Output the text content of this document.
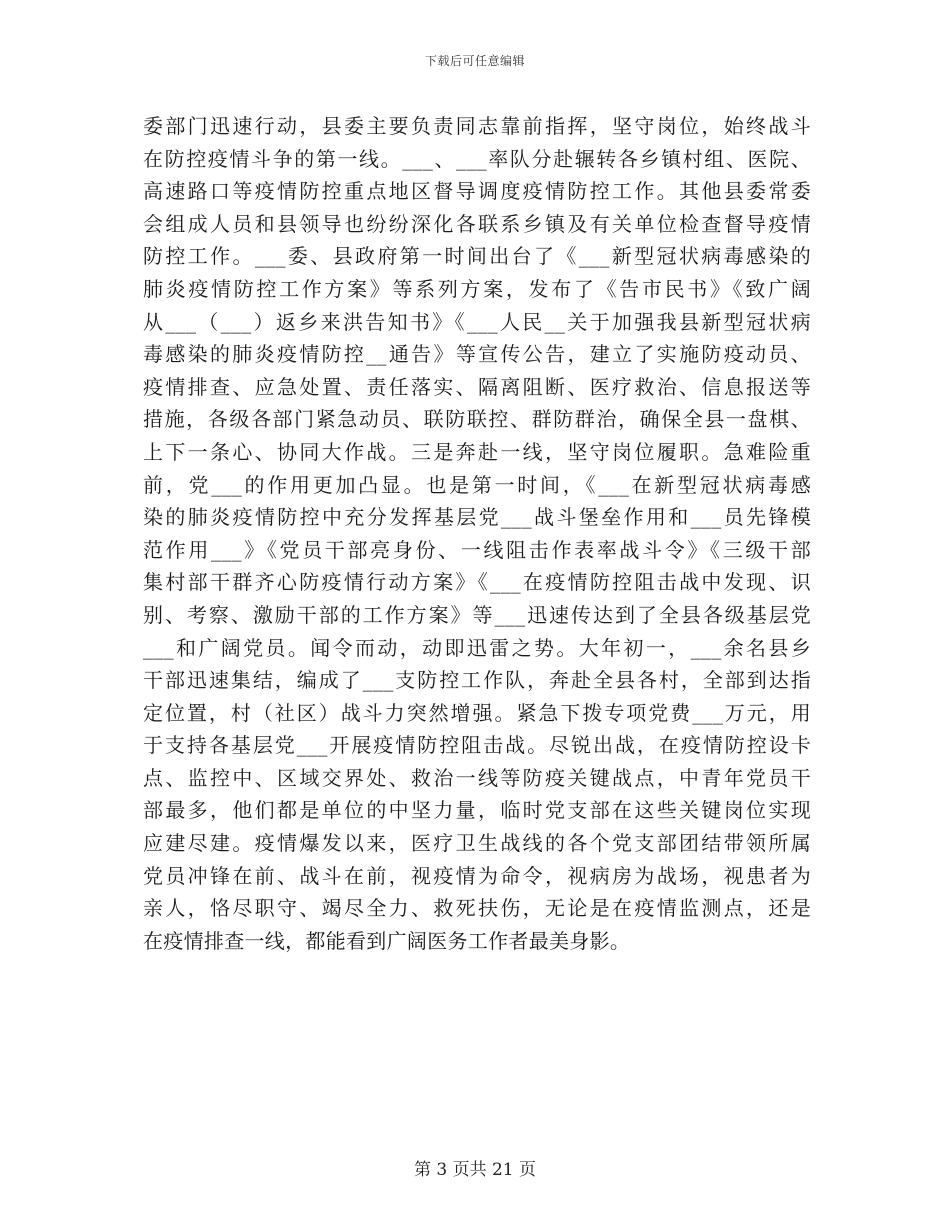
下载后可任意编辑
委部门迅速行动，县委主要负责同志靠前指挥，坚守岗位，始终战斗
在防控疫情斗争的第一线。___、___率队分赴辗转各乡镇村组、医院、
高速路口等疫情防控重点地区督导调度疫情防控工作。其他县委常委
会组成人员和县领导也纷纷深化各联系乡镇及有关单位检查督导疫情
防控工作。___委、县政府第一时间出台了《___新型冠状病毒感染的
肺炎疫情防控工作方案》等系列方案，发布了《告市民书》《致广阔
从___（___）返乡来洪告知书》《___人民__关于加强我县新型冠状病
毒感染的肺炎疫情防控__通告》等宣传公告，建立了实施防疫动员、
疫情排查、应急处置、责任落实、隔离阻断、医疗救治、信息报送等
措施，各级各部门紧急动员、联防联控、群防群治，确保全县一盘棋、
上下一条心、协同大作战。三是奔赴一线，坚守岗位履职。急难险重
前，党___的作用更加凸显。也是第一时间，《___在新型冠状病毒感
染的肺炎疫情防控中充分发挥基层党___战斗堡垒作用和___员先锋模
范作用___》《党员干部亮身份、一线阻击作表率战斗令》《三级干部
集村部干群齐心防疫情行动方案》《___在疫情防控阻击战中发现、识
别、考察、激励干部的工作方案》等___迅速传达到了全县各级基层党
___和广阔党员。闻令而动，动即迅雷之势。大年初一，___余名县乡
干部迅速集结，编成了___支防控工作队，奔赴全县各村，全部到达指
定位置，村（社区）战斗力突然增强。紧急下拨专项党费___万元，用
于支持各基层党___开展疫情防控阻击战。尽锐出战，在疫情防控设卡
点、监控中、区域交界处、救治一线等防疫关键战点，中青年党员干
部最多，他们都是单位的中坚力量，临时党支部在这些关键岗位实现
应建尽建。疫情爆发以来，医疗卫生战线的各个党支部团结带领所属
党员冲锋在前、战斗在前，视疫情为命令，视病房为战场，视患者为
亲人，恪尽职守、竭尽全力、救死扶伤，无论是在疫情监测点，还是
在疫情排查一线，都能看到广阔医务工作者最美身影。
第 3 页共 21 页
